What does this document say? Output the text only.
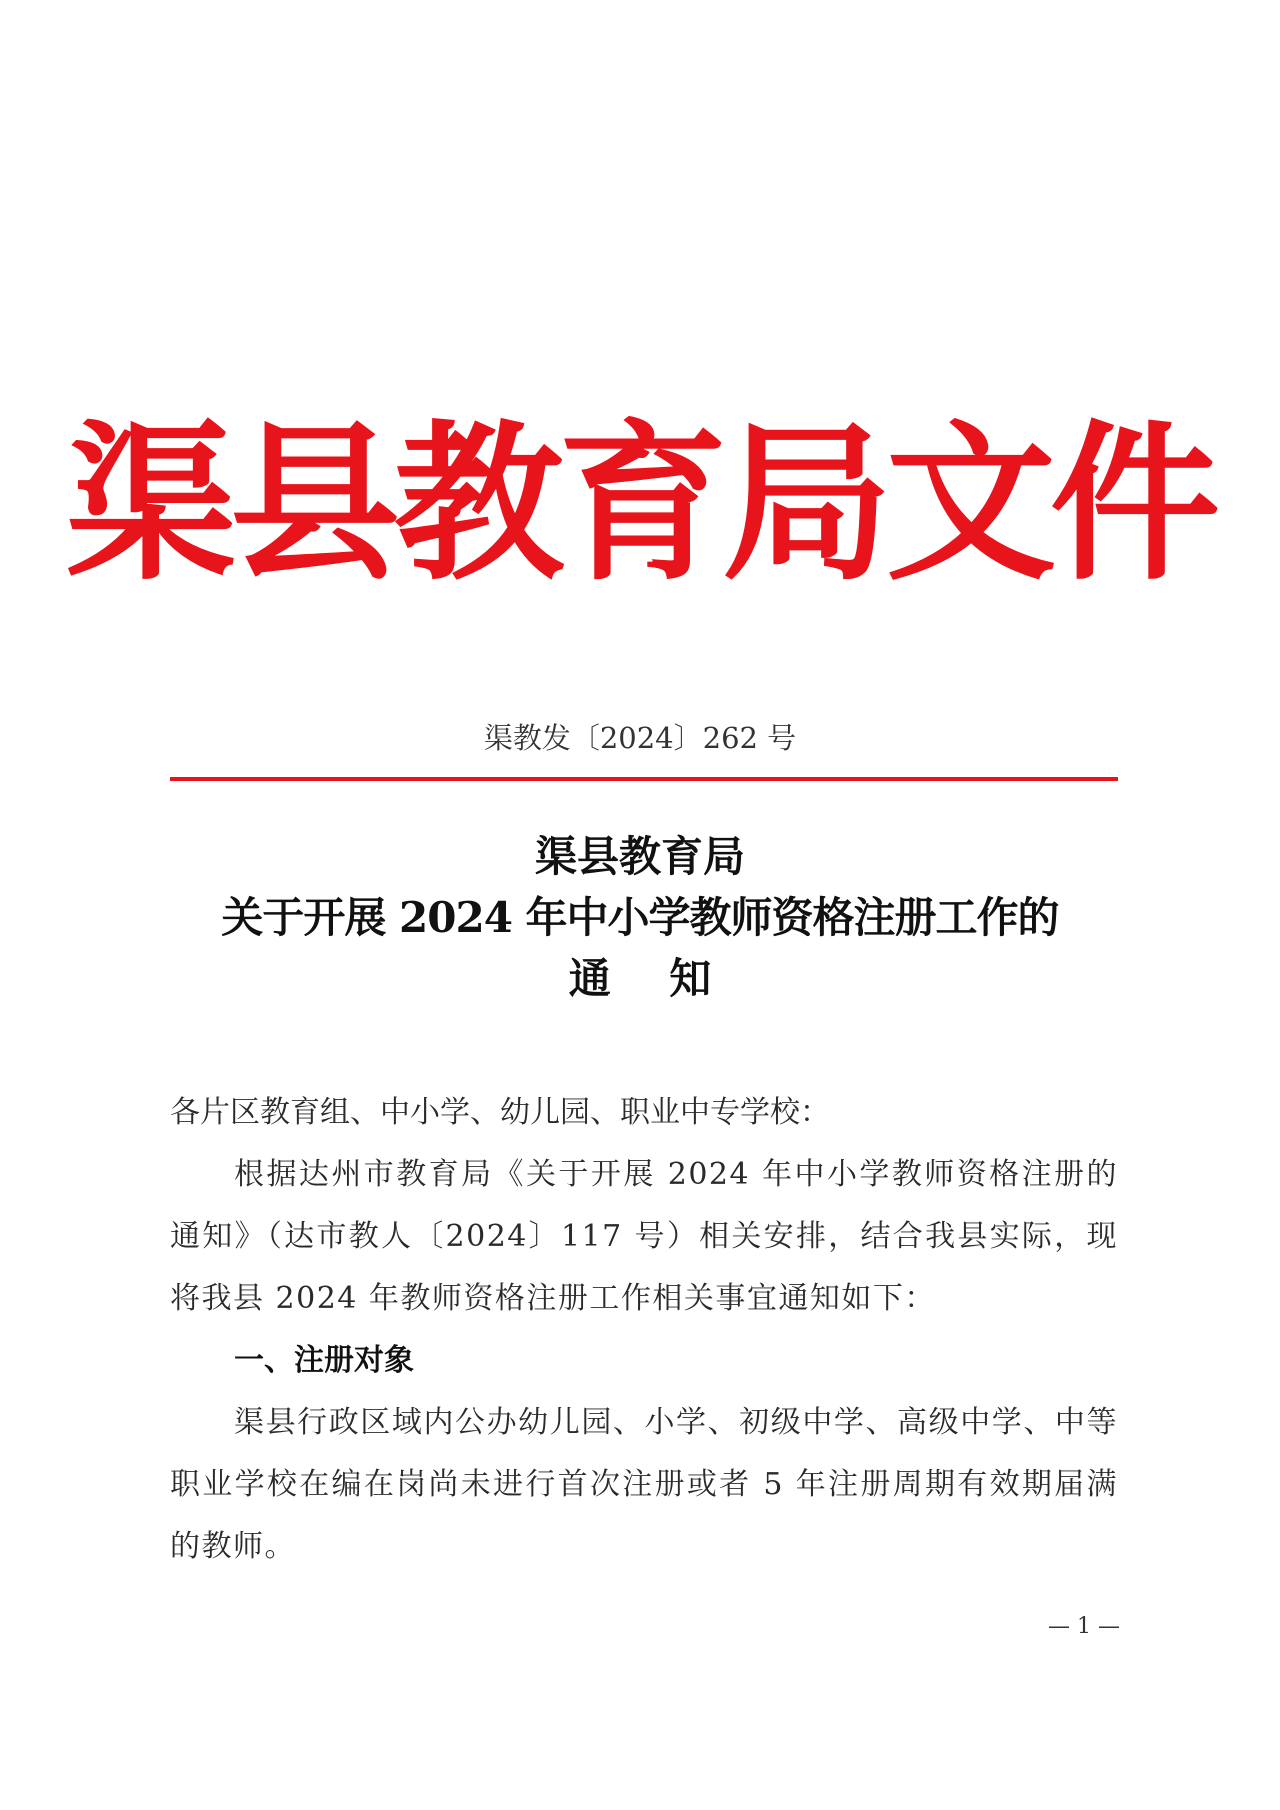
渠县教育局文件
渠教发〔2024〕262 号
渠县教育局
关于开展 2024 年中小学教师资格注册工作的
通 知

各片区教育组、中小学、幼儿园、职业中专学校：

根据达州市教育局《关于开展 2024 年中小学教师资格注册的通知》（达市教人〔2024〕117 号）相关安排，结合我县实际，现将我县 2024 年教师资格注册工作相关事宜通知如下：

一、注册对象

渠县行政区域内公办幼儿园、小学、初级中学、高级中学、中等职业学校在编在岗尚未进行首次注册或者 5 年注册周期有效期届满的教师。

— 1 —
